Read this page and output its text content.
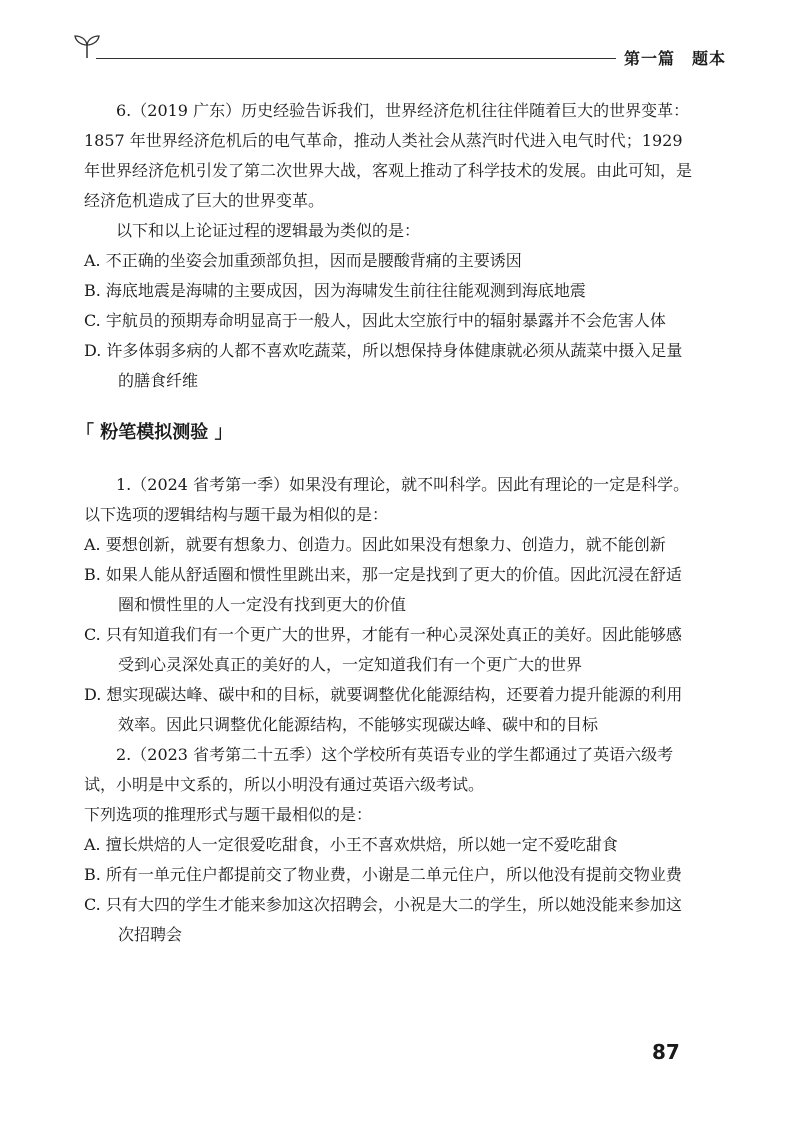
第一篇　题本

6.（2019 广东）历史经验告诉我们，世界经济危机往往伴随着巨大的世界变革：1857 年世界经济危机后的电气革命，推动人类社会从蒸汽时代进入电气时代；1929 年世界经济危机引发了第二次世界大战，客观上推动了科学技术的发展。由此可知，是经济危机造成了巨大的世界变革。

以下和以上论证过程的逻辑最为类似的是：

A. 不正确的坐姿会加重颈部负担，因而是腰酸背痛的主要诱因

B. 海底地震是海啸的主要成因，因为海啸发生前往往能观测到海底地震

C. 宇航员的预期寿命明显高于一般人，因此太空旅行中的辐射暴露并不会危害人体

D. 许多体弱多病的人都不喜欢吃蔬菜，所以想保持身体健康就必须从蔬菜中摄入足量的膳食纤维

「 粉笔模拟测验 」

1.（2024 省考第一季）如果没有理论，就不叫科学。因此有理论的一定是科学。

以下选项的逻辑结构与题干最为相似的是：

A. 要想创新，就要有想象力、创造力。因此如果没有想象力、创造力，就不能创新

B. 如果人能从舒适圈和惯性里跳出来，那一定是找到了更大的价值。因此沉浸在舒适圈和惯性里的人一定没有找到更大的价值

C. 只有知道我们有一个更广大的世界，才能有一种心灵深处真正的美好。因此能够感受到心灵深处真正的美好的人，一定知道我们有一个更广大的世界

D. 想实现碳达峰、碳中和的目标，就要调整优化能源结构，还要着力提升能源的利用效率。因此只调整优化能源结构，不能够实现碳达峰、碳中和的目标

2.（2023 省考第二十五季）这个学校所有英语专业的学生都通过了英语六级考试，小明是中文系的，所以小明没有通过英语六级考试。

下列选项的推理形式与题干最相似的是：

A. 擅长烘焙的人一定很爱吃甜食，小王不喜欢烘焙，所以她一定不爱吃甜食

B. 所有一单元住户都提前交了物业费，小谢是二单元住户，所以他没有提前交物业费

C. 只有大四的学生才能来参加这次招聘会，小祝是大二的学生，所以她没能来参加这次招聘会

87
